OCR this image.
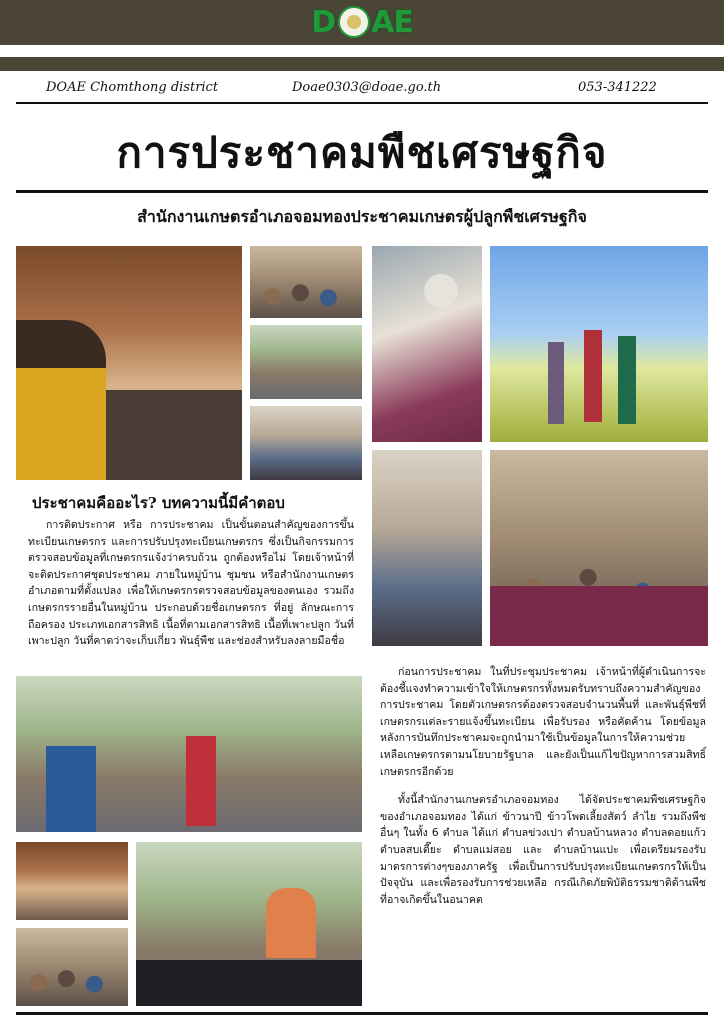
D A E
DOAE Chomthong district	Doae0303@doae.go.th	053-341222
การประชาคมพืชเศรษฐกิจ
สำนักงานเกษตรอำเภอจอมทองประชาคมเกษตรผู้ปลูกพืชเศรษฐกิจ
ประชาคมคืออะไร? บทความนี้มีคำตอบ

การติดประกาศ หรือ การประชาคม เป็นขั้นตอนสำคัญของการขึ้นทะเบียนเกษตรกร และการปรับปรุงทะเบียนเกษตรกร ซึ่งเป็นกิจกรรมการตรวจสอบข้อมูลที่เกษตรกรแจ้งว่าครบถ้วน ถูกต้องหรือไม่ โดยเจ้าหน้าที่จะติดประกาศชุดประชาคม ภายในหมู่บ้าน ชุมชน หรือสำนักงานเกษตรอำเภอตามที่ตั้งแปลง เพื่อให้เกษตรกรตรวจสอบข้อมูลของตนเอง รวมถึง เกษตรกรรายอื่นในหมู่บ้าน ประกอบด้วยชื่อเกษตรกร ที่อยู่ ลักษณะการถือครอง ประเภทเอกสารสิทธิ เนื้อที่ตามเอกสารสิทธิ เนื้อที่เพาะปลูก วันที่เพาะปลูก วันที่คาดว่าจะเก็บเกี่ยว พันธุ์พืช และช่องสำหรับลงลายมือชื่อ

ก่อนการประชาคม ในที่ประชุมประชาคม เจ้าหน้าที่ผู้ดำเนินการจะต้องชี้แจงทำความเข้าใจให้เกษตรกรทั้งหมดรับทราบถึงความสำคัญของ การประชาคม โดยตัวเกษตรกรต้องตรวจสอบจำนวนพื้นที่ และพันธุ์พืชที่เกษตรกรแต่ละรายแจ้งขึ้นทะเบียน เพื่อรับรอง หรือคัดค้าน โดยข้อมูลหลังการบันทึกประชาคมจะถูกนำมาใช้เป็นข้อมูลในการให้ความช่วยเหลือเกษตรกรตามนโยบายรัฐบาล และยังเป็นแก้ไขปัญหาการสวมสิทธิ์เกษตรกรอีกด้วย

ทั้งนี้สำนักงานเกษตรอำเภอจอมทอง ได้จัดประชาคมพืชเศรษฐกิจของอำเภอจอมทอง ได้แก่ ข้าวนาปี ข้าวโพดเลี้ยงสัตว์ ลำไย รวมถึงพืชอื่นๆ ในทั้ง 6 ตำบล ได้แก่ ตำบลข่วงเปา ตำบลบ้านหลวง ตำบลดอยแก้ว ตำบลสบเตี๊ยะ ตำบลแม่สอย และ ตำบลบ้านแปะ เพื่อเตรียมรองรับมาตรการต่างๆของภาครัฐ เพื่อเป็นการปรับปรุงทะเบียนเกษตรกรให้เป็นปัจจุบัน และเพื่อรองรับการช่วยเหลือ กรณีเกิดภัยพิบัติธรรมชาติด้านพืช ที่อาจเกิดขึ้นในอนาคต
